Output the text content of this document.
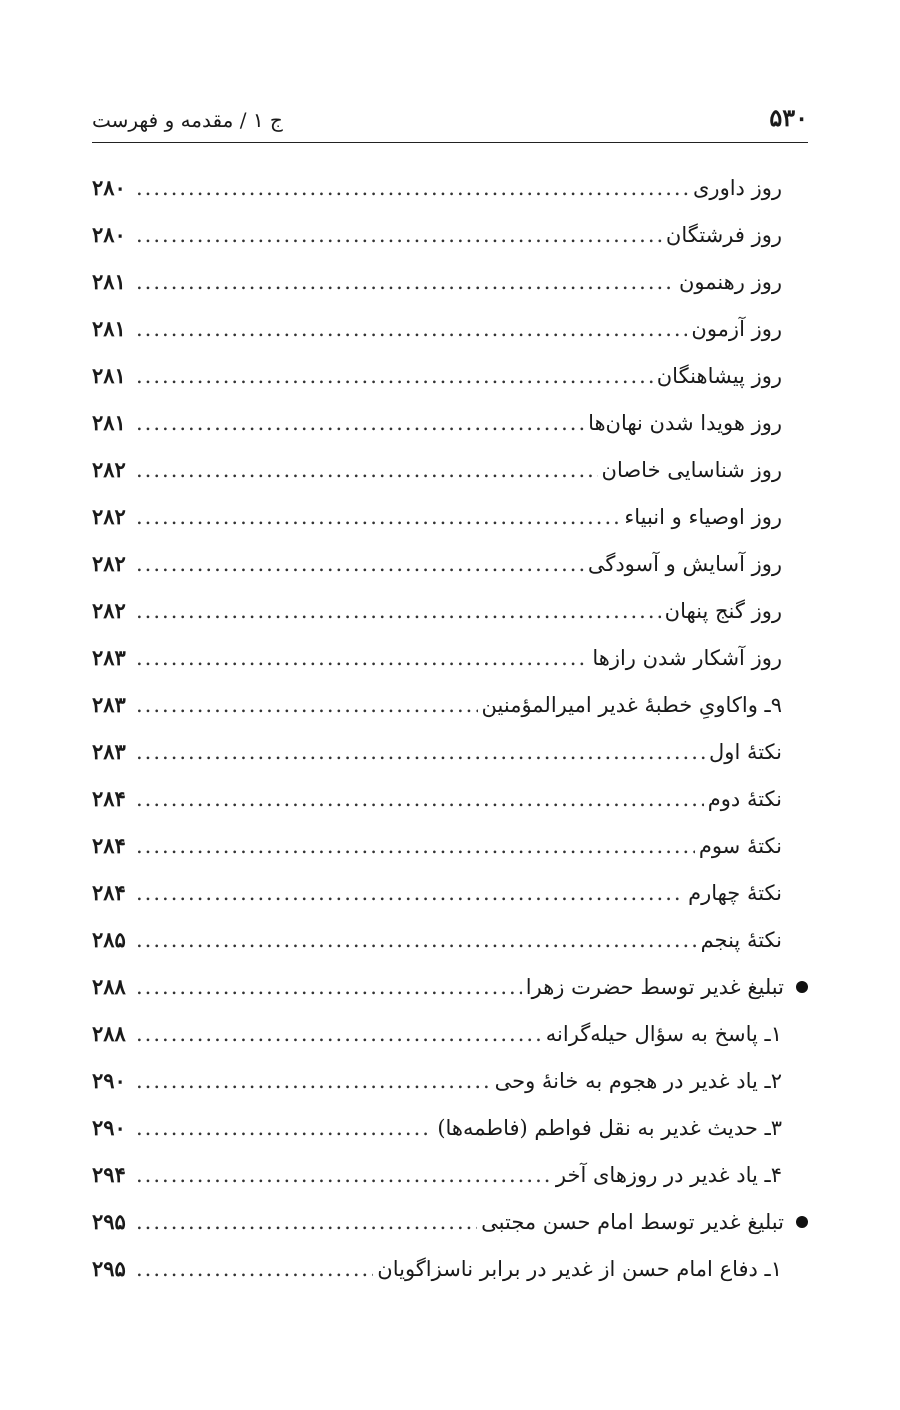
۵۳۰
ج ۱ / مقدمه و فهرست
روز داوری
.....
۲۸۰
روز فرشتگان
.....
۲۸۰
روز رهنمون
.....
۲۸۱
روز آزمون
.....
۲۸۱
روز پیشاهنگان
.....
۲۸۱
روز هویدا شدن نهان‌ها
.....
۲۸۱
روز شناسایی خاصان
.....
۲۸۲
روز اوصیاء و انبیاء
.....
۲۸۲
روز آسایش و آسودگی
.....
۲۸۲
روز گنج پنهان
.....
۲۸۲
روز آشکار شدن رازها
.....
۲۸۳
۹ـ واکاویِ خطبهٔ غدیر امیرالمؤمنین
.....
۲۸۳
نکتهٔ اول
.....
۲۸۳
نکتهٔ دوم
.....
۲۸۴
نکتهٔ سوم
.....
۲۸۴
نکتهٔ چهارم
.....
۲۸۴
نکتهٔ پنجم
.....
۲۸۵
تبلیغ غدیر توسط حضرت زهرا
.....
۲۸۸
۱ـ پاسخ به سؤال حیله‌گرانه
.....
۲۸۸
۲ـ یاد غدیر در هجوم به خانهٔ وحی
.....
۲۹۰
۳ـ حدیث غدیر به نقل فواطم (فاطمه‌ها)
.....
۲۹۰
۴ـ یاد غدیر در روزهای آخر
.....
۲۹۴
تبلیغ غدیر توسط امام حسن مجتبی
.....
۲۹۵
۱ـ دفاع امام حسن از غدیر در برابر ناسزاگویان
.....
۲۹۵
